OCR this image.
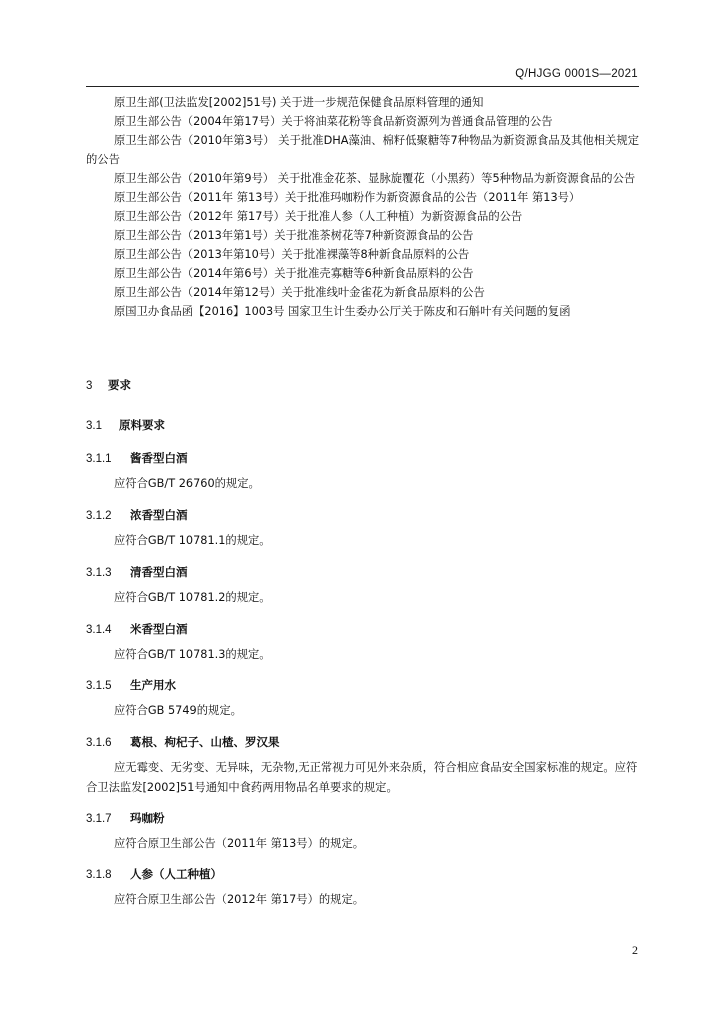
Q/HJGG 0001S—2021

原卫生部(卫法监发[2002]51号) 关于进一步规范保健食品原料管理的通知

原卫生部公告（2004年第17号）关于将油菜花粉等食品新资源列为普通食品管理的公告

原卫生部公告（2010年第3号） 关于批准DHA藻油、棉籽低聚糖等7种物品为新资源食品及其他相关规定的公告

原卫生部公告（2010年第9号） 关于批准金花茶、显脉旋覆花（小黑药）等5种物品为新资源食品的公告

原卫生部公告（2011年 第13号）关于批准玛咖粉作为新资源食品的公告（2011年 第13号）

原卫生部公告（2012年 第17号）关于批准人参（人工种植）为新资源食品的公告

原卫生部公告（2013年第1号）关于批准茶树花等7种新资源食品的公告

原卫生部公告（2013年第10号）关于批准裸藻等8种新食品原料的公告

原卫生部公告（2014年第6号）关于批准壳寡糖等6种新食品原料的公告

原卫生部公告（2014年第12号）关于批准线叶金雀花为新食品原料的公告

原国卫办食品函【2016】1003号 国家卫生计生委办公厅关于陈皮和石斛叶有关问题的复函

3 要求
3.1 原料要求
3.1.1 酱香型白酒

应符合GB/T 26760的规定。

3.1.2 浓香型白酒

应符合GB/T 10781.1的规定。

3.1.3 清香型白酒

应符合GB/T 10781.2的规定。

3.1.4 米香型白酒

应符合GB/T 10781.3的规定。

3.1.5 生产用水

应符合GB 5749的规定。

3.1.6 葛根、枸杞子、山楂、罗汉果

应无霉变、无劣变、无异味，无杂物,无正常视力可见外来杂质，符合相应食品安全国家标准的规定。应符合卫法监发[2002]51号通知中食药两用物品名单要求的规定。

3.1.7 玛咖粉

应符合原卫生部公告（2011年 第13号）的规定。

3.1.8 人参（人工种植）

应符合原卫生部公告（2012年 第17号）的规定。

2
